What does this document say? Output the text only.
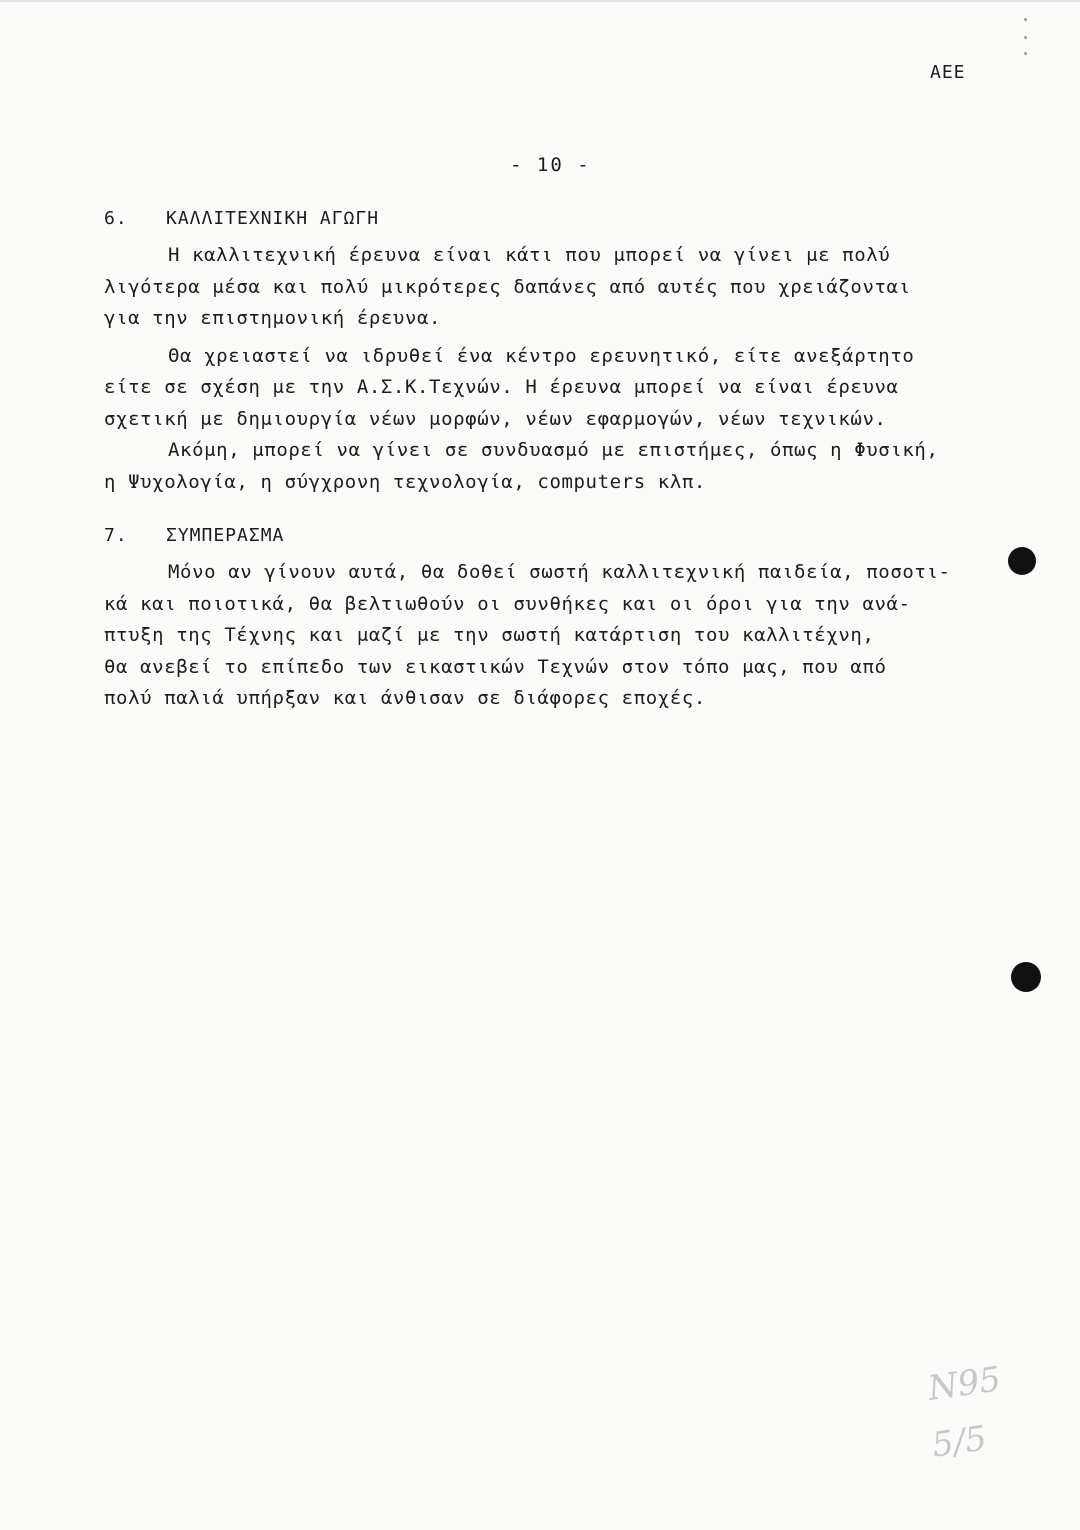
ΑΕΕ
- 10 -
6. ΚΑΛΛΙΤΕΧΝΙΚΗ ΑΓΩΓΗ
Η καλλιτεχνική έρευνα είναι κάτι που μπορεί να γίνει με πολύ
λιγότερα μέσα και πολύ μικρότερες δαπάνες από αυτές που χρειάζονται
για την επιστημονική έρευνα.
Θα χρειαστεί να ιδρυθεί ένα κέντρο ερευνητικό, είτε ανεξάρτητο
είτε σε σχέση με την Α.Σ.Κ.Τεχνών. Η έρευνα μπορεί να είναι έρευνα
σχετική με δημιουργία νέων μορφών, νέων εφαρμογών, νέων τεχνικών.
Ακόμη, μπορεί να γίνει σε συνδυασμό με επιστήμες, όπως η Φυσική,
η Ψυχολογία, η σύγχρονη τεχνολογία, computers κλπ.
7. ΣΥΜΠΕΡΑΣΜΑ
Μόνο αν γίνουν αυτά, θα δοθεί σωστή καλλιτεχνική παιδεία, ποσοτι-
κά και ποιοτικά, θα βελτιωθούν οι συνθήκες και οι όροι για την ανά-
πτυξη της Τέχνης και μαζί με την σωστή κατάρτιση του καλλιτέχνη,
θα ανεβεί το επίπεδο των εικαστικών Τεχνών στον τόπο μας, που από
πολύ παλιά υπήρξαν και άνθισαν σε διάφορες εποχές.
N95
5/5
